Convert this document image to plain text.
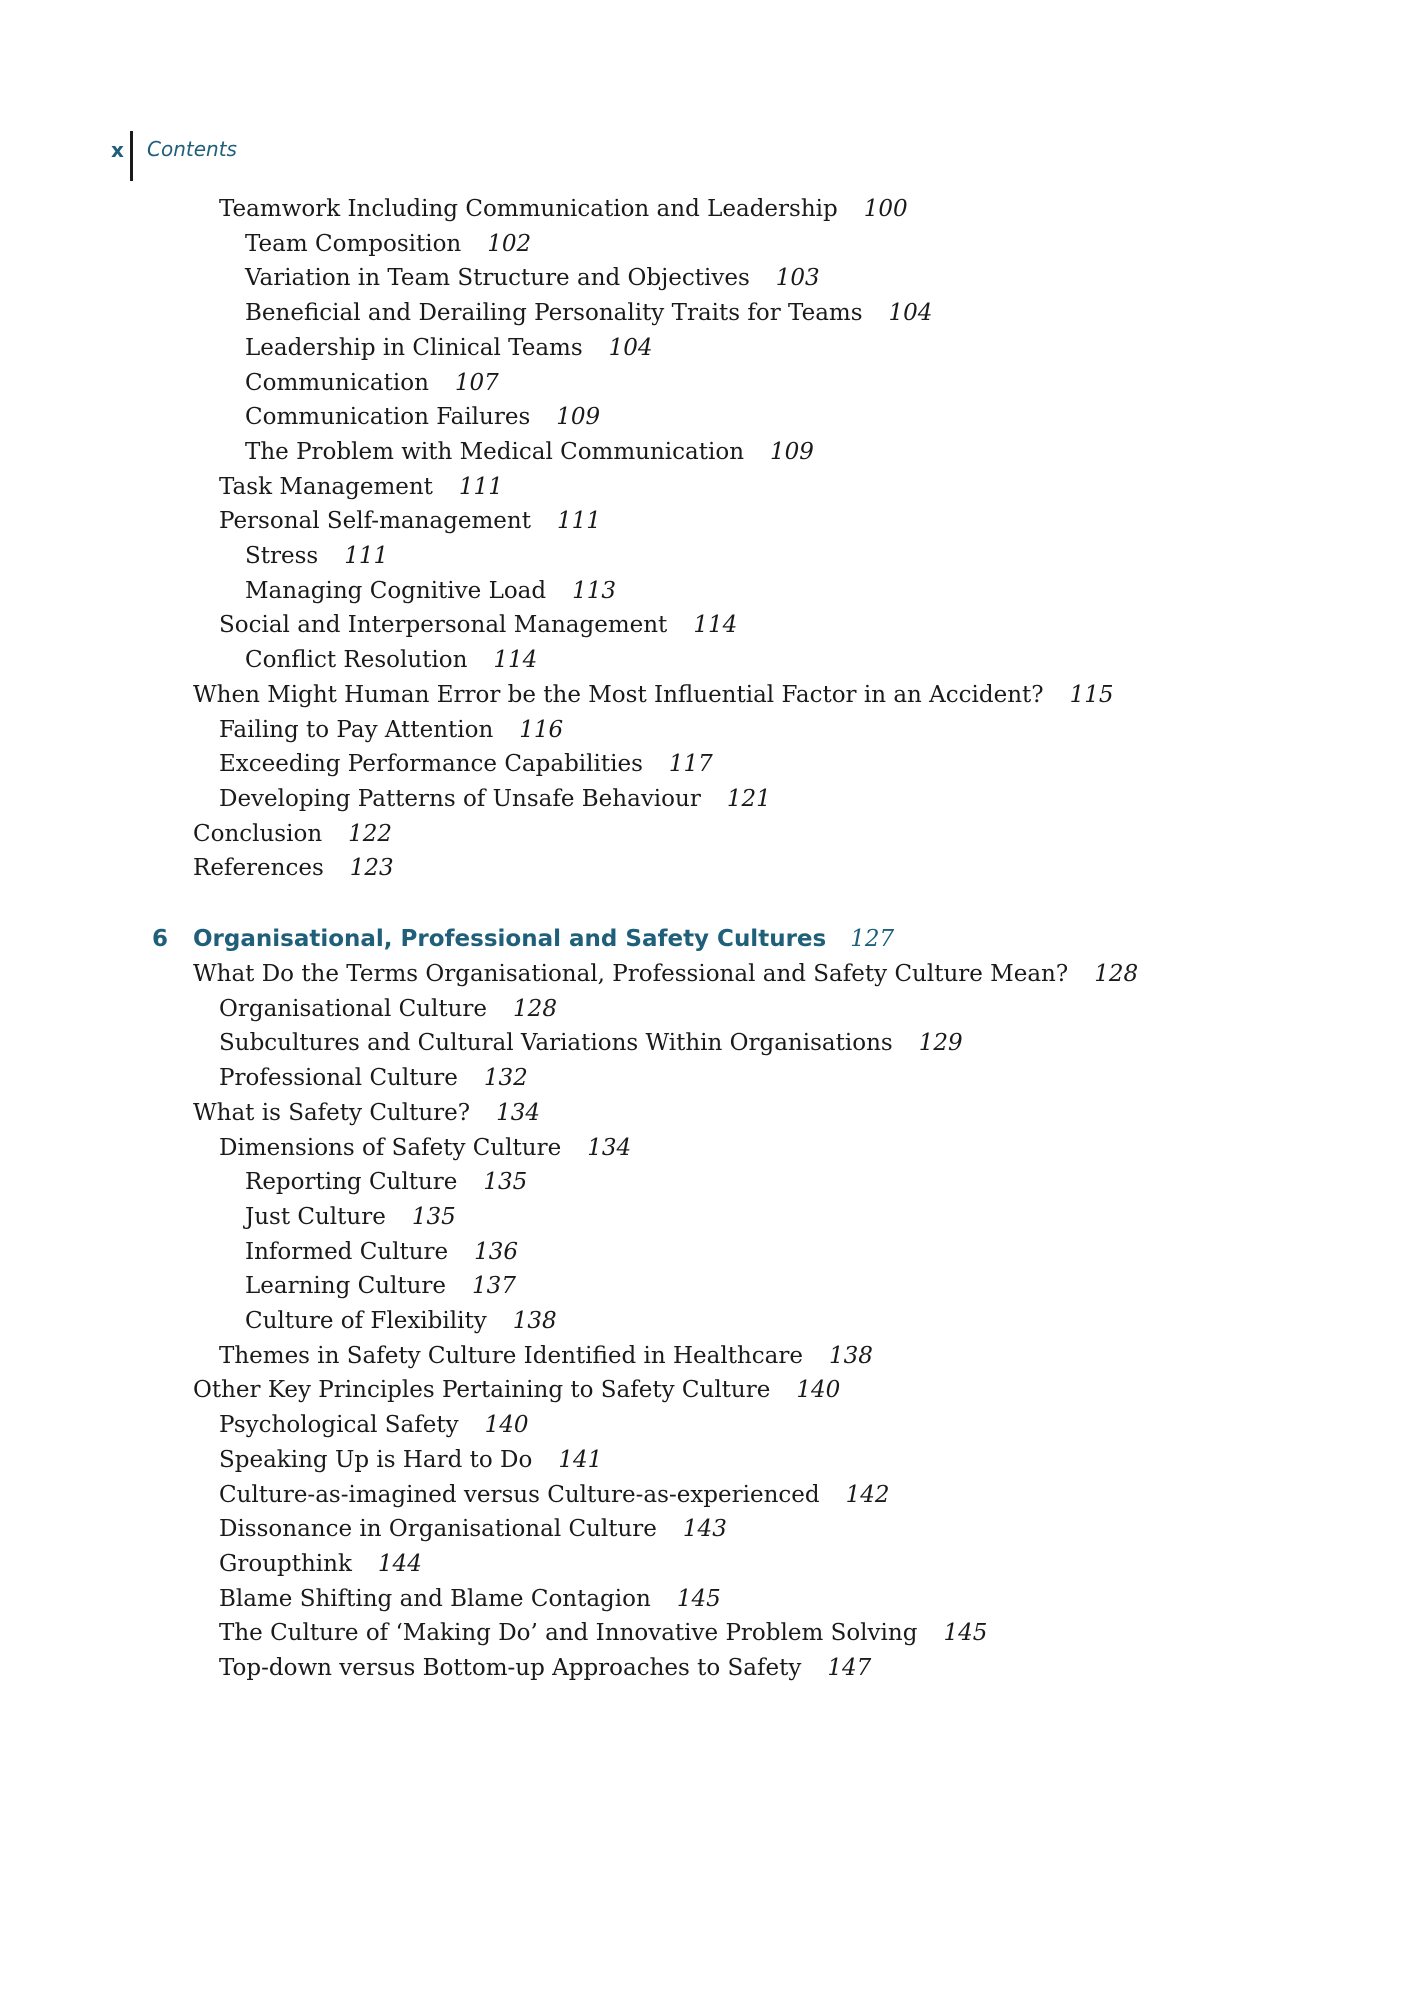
x	Contents
6 Organisational, Professional and Safety Cultures 127
Teamwork Including Communication and Leadership 100
Team Composition 102
Variation in Team Structure and Objectives 103
Beneficial and Derailing Personality Traits for Teams 104
Leadership in Clinical Teams 104
Communication 107
Communication Failures 109
The Problem with Medical Communication 109
Task Management 111
Personal Self-management 111
Stress 111
Managing Cognitive Load 113
Social and Interpersonal Management 114
Conflict Resolution 114
When Might Human Error be the Most Influential Factor in an Accident? 115
Failing to Pay Attention 116
Exceeding Performance Capabilities 117
Developing Patterns of Unsafe Behaviour 121
Conclusion 122
References 123
What Do the Terms Organisational, Professional and Safety Culture Mean? 128
Organisational Culture 128
Subcultures and Cultural Variations Within Organisations 129
Professional Culture 132
What is Safety Culture? 134
Dimensions of Safety Culture 134
Reporting Culture 135
Just Culture 135
Informed Culture 136
Learning Culture 137
Culture of Flexibility 138
Themes in Safety Culture Identified in Healthcare 138
Other Key Principles Pertaining to Safety Culture 140
Psychological Safety 140
Speaking Up is Hard to Do 141
Culture-as-imagined versus Culture-as-experienced 142
Dissonance in Organisational Culture 143
Groupthink 144
Blame Shifting and Blame Contagion 145
The Culture of ‘Making Do’ and Innovative Problem Solving 145
Top-down versus Bottom-up Approaches to Safety 147
